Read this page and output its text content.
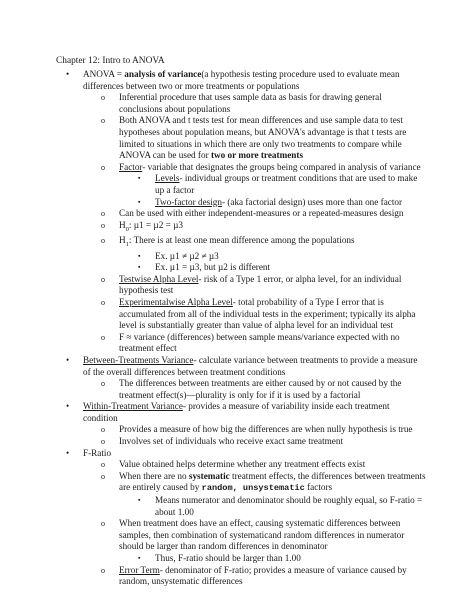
Chapter 12: Intro to ANOVA
• ANOVA = analysis of variance(a hypothesis testing procedure used to evaluate mean differences between two or more treatments or populations
o Inferential procedure that uses sample data as basis for drawing general conclusions about populations
o Both ANOVA and t tests test for mean differences and use sample data to test hypotheses about population means, but ANOVA's advantage is that t tests are limited to situations in which there are only two treatments to compare while ANOVA can be used for two or more treatments
o Factor- variable that designates the groups being compared in analysis of variance
▪ Levels- individual groups or treatment conditions that are used to make up a factor
▪ Two-factor design- (aka factorial design) uses more than one factor
o Can be used with either independent-measures or a repeated-measures design
o $H_0$: µ1 = µ2 = µ3
o $H_1$: There is at least one mean difference among the populations
▪ Ex. µ1 ≠ µ2 ≠ µ3
▪ Ex. µ1 = µ3, but µ2 is different
o Testwise Alpha Level- risk of a Type 1 error, or alpha level, for an individual hypothesis test
o Experimentalwise Alpha Level- total probability of a Type I error that is accumulated from all of the individual tests in the experiment; typically its alpha level is substantially greater than value of alpha level for an individual test
o F ≈ variance (differences) between sample means/variance expected with no treatment effect
• Between-Treatments Variance- calculate variance between treatments to provide a measure of the overall differences between treatment conditions
o The differences between treatments are either caused by or not caused by the treatment effect(s)—plurality is only for if it is used by a factorial
• Within-Treatment Variance- provides a measure of variability inside each treatment condition
o Provides a measure of how big the differences are when nully hypothesis is true
o Involves set of individuals who receive exact same treatment
• F-Ratio
o Value obtained helps determine whether any treatment effects exist
o When there are no systematic treatment effects, the differences between treatments are entirely caused by random, unsystematic factors
▪ Means numerator and denominator should be roughly equal, so F-ratio = about 1.00
o When treatment does have an effect, causing systematic differences between samples, then combination of systematicand random differences in numerator should be larger than random differences in denominator
▪ Thus, F-ratio should be larger than 1.00
o Error Term- denominator of F-ratio; provides a measure of variance caused by random, unsystematic differences
